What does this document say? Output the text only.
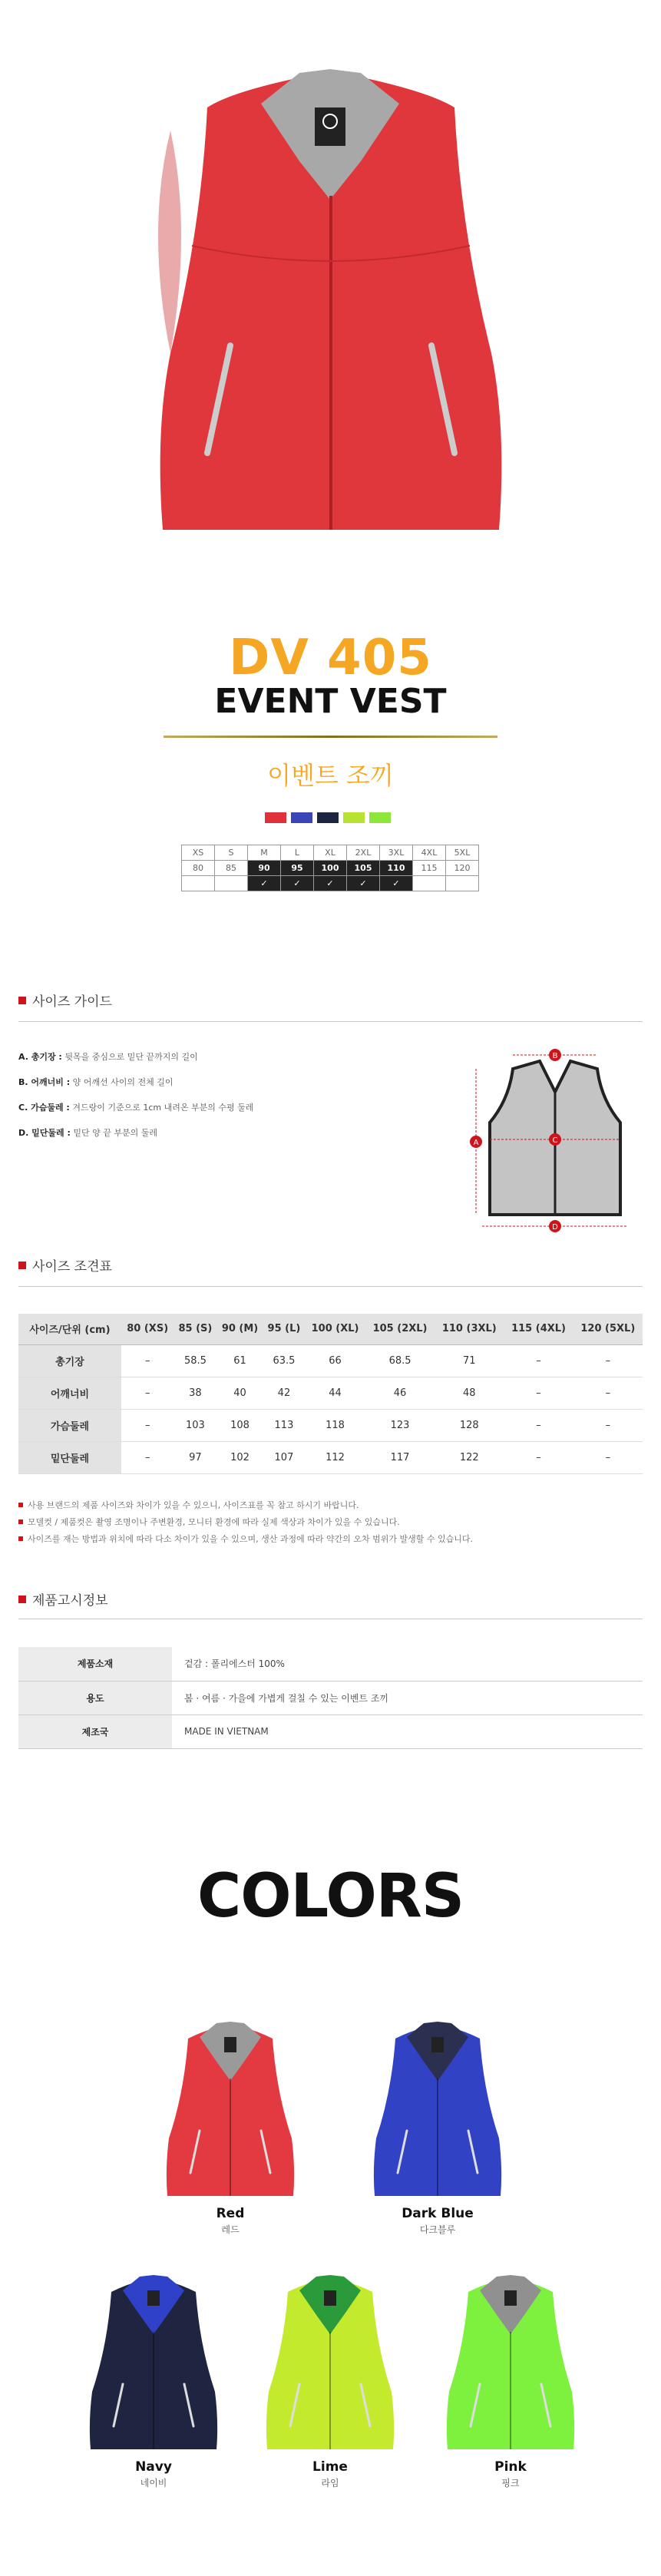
DV 405
EVENT VEST
이벤트 조끼
XS	S	M	L	XL	2XL	3XL	4XL	5XL
80	85	90	95	100	105	110	115	120
		✓	✓	✓	✓	✓		
사이즈 가이드
A. 총기장 : 뒷목을 중심으로 밑단 끝까지의 길이
B. 어깨너비 : 양 어깨선 사이의 전체 길이
C. 가슴둘레 : 겨드랑이 기준으로 1cm 내려온 부분의 수평 둘레
D. 밑단둘레 : 밑단 양 끝 부분의 둘레
B
C
D
A
사이즈 조견표
사이즈/단위 (cm)	80 (XS)	85 (S)	90 (M)	95 (L)	100 (XL)	105 (2XL)	110 (3XL)	115 (4XL)	120 (5XL)
총기장	–	58.5	61	63.5	66	68.5	71	–	–
어깨너비	–	38	40	42	44	46	48	–	–
가슴둘레	–	103	108	113	118	123	128	–	–
밑단둘레	–	97	102	107	112	117	122	–	–
사용 브랜드의 제품 사이즈와 차이가 있을 수 있으니, 사이즈표를 꼭 참고 하시기 바랍니다.
모델컷 / 제품컷은 촬영 조명이나 주변환경, 모니터 환경에 따라 실제 색상과 차이가 있을 수 있습니다.
사이즈를 재는 방법과 위치에 따라 다소 차이가 있을 수 있으며, 생산 과정에 따라 약간의 오차 범위가 발생할 수 있습니다.
제품고시정보
제품소재	겉감 : 폴리에스터 100%
용도	봄 · 여름 · 가을에 가볍게 걸칠 수 있는 이벤트 조끼
제조국	MADE IN VIETNAM
COLORS
Red
레드
Dark Blue
다크블루
Navy
네이비
Lime
라임
Pink
핑크
